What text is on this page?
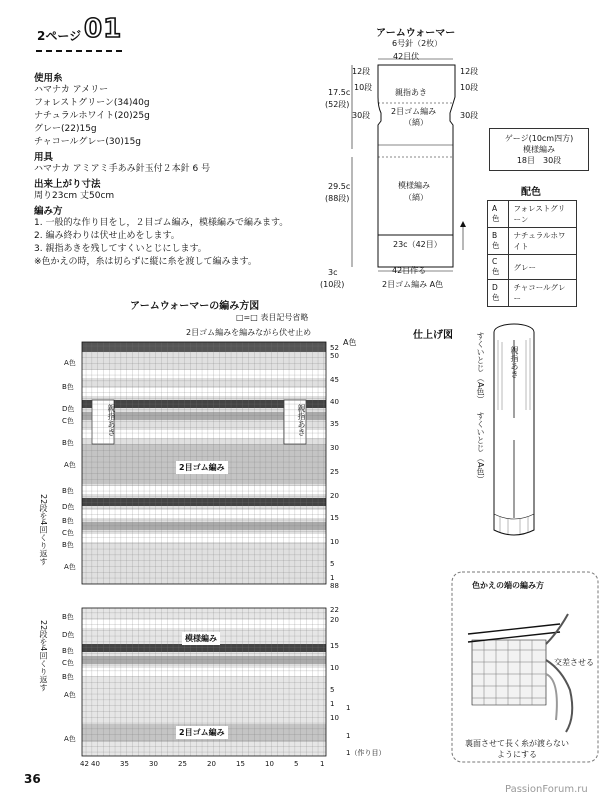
2ページ 01

使用糸

ハマナカ アメリー

フォレストグリーン(34)40g

ナチュラルホワイト(20)25g

グレー(22)15g

チャコールグレー(30)15g

用具

ハマナカ アミアミ手あみ針玉付２本針 6 号

出来上がり寸法

周り23cm 丈50cm

編み方

1. 一般的な作り目をし，２目ゴム編み，模様編みで編みます。

2. 編み終わりは伏せ止めをします。

3. 親指あきを残してすくいとじにします。

※色かえの時，糸は切らずに縦に糸を渡して編みます。

アームウォーマー
6号針（2枚）
42目伏
12段
10段
17.5c
(52段)
30段
12段
10段
30段
親指あき
2目ゴム編み
（縞）
模様編み
（縞）
29.5c
(88段)
23c（42目）
42目作る
3c
(10段)	2目ゴム編み A色
ゲージ(10cm四方)
模様編み
18目　30段
配色
A色	フォレストグリーン
B色	ナチュラルホワイト
C色	グレー
D色	チャコールグレー
アームウォーマーの編み方図
□=□ 表目記号省略
2目ゴム編みを編みながら伏せ止め
A色
親指あき	親指あき
2目ゴム編み
模様編み
2目ゴム編み
A色
B色
D色
C色
B色
A色
B色
D色
B色
C色
B色
A色
22段を4回くり返す
B色
D色
B色
C色
B色
A色
A色
22段を4回くり返す
52
50
45
40
35
30
25
20
15
10
5
1
88
22
20
15
10
5
1 1
10
1
1（作り目）
42 40	35	30	25	20	15	10	5	1
仕上げ図	すくいとじ
（A色）
親指あき
すくいとじ
（A色）
色かえの端の編み方
交差させる
裏面させて長く糸が渡らないようにする
36
PassionForum.ru
